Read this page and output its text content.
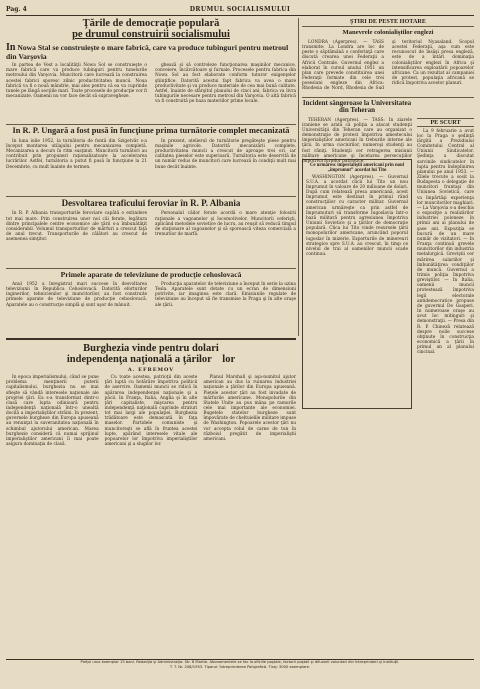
Pag. 4	DRUMUL SOCIALISMULUI
Ţările de democraţie populară
pe drumul construirii socialismului
In Nowa Stal se construieşte o mare fabrică, care va produce tubinguri pentru metroul din Varşovia

In partea de Vest a localităţii Nowa Sol se construieşte o mare fabrică care va produce tubinguri pentru tunelurile metroului din Varşovia. Muncitorii care lucrează la construirea acestei fabrici sporesc zilnic productivitatea muncii. Noua fabrică va fi o nouă mândrie, mai ales pentru că ea va cuprinde tunele pe lângă secţiile mari. Toate procesele de producţie vor fi mecanizate. Oamenii nu vor face decât să supravegheze.

ghează şi să controleze funcţionarea maşinilor mecanice, conveiere, încărcătoare şi furnale. Procesele pentru fabrica din Nowa Sol au fost elaborate conform tuturor exigenţelor ştiinţifice. Datorită acestui fapt fabrica va avea o mare productivitate şi va produce materiale de cea mai bună calitate. Astfel, înainte de sfârşitul planului de cinci ani, fabrica va livra tubingurile necesare pentru metroul din Varşovia. O altă fabrică va fi construită pe baza materiilor prime locale.

In R. P. Ungară a fost pusă în funcţiune prima turnătorie complet mecanizată

In luna iulie 1952, la turnătoria de fontă din Szigetvăr s-a început montarea utilajului pentru mecanizarea completă. Mecanizarea a decurs în ritm susţinut. Muncitorii turnători au contribuit prin propuneri raţionalizatoare la accelerarea lucrărilor. Astfel, turnătoria a putut fi pusă în funcţiune la 21 Decembrie, cu mult înainte de termen.

In prezent, atelierul de turnătorie pregăteşte piese pentru maşinile agricole. Datorită mecanizării complete, productivitatea muncii a crescut de aproape trei ori, iar calitatea pieselor este superioară. Turnătoria este deservită de un număr redus de muncitori care lucrează în condiţii mult mai bune decât înainte.

Desvoltarea traficului feroviar în R. P. Albania

In R. P. Albania transporturile feroviare capătă o extindere tot mai mare. Prin construirea unor noi căi ferate, legătura dintre principalele centre economice ale ţării s-a îmbunătăţit considerabil. Volumul transporturilor de mărfuri a crescut faţă de anul trecut. Transporturile de călători au crescut de asemenea simţitor.

Personalul căilor ferate acordă o mare atenţie folosirii raţionale a vagoanelor şi locomotivelor. Muncitorii ceferişti, aplicând metodele sovietice de lucru, au reuşit să reducă timpul de staţionare al vagoanelor şi să sporească viteza comercială a trenurilor de marfă.

Primele aparate de televiziune de producţie cehoslovacă

Anul 1952 a înregistrat mari succese în desvoltarea televiziunii în Republica Cehoslovacă. Datorită eforturilor inginerilor, tehnicienilor şi muncitorilor, au fost construite primele aparate de televiziune de producţie cehoslovacă. Aparatele au o construcţie simplă şi sunt uşor de mânuit.

Producţia aparatelor de televiziune a început în serie la uzina Tesla. Aparatele sunt dotate cu un ecran de dimensiuni potrivite, iar imaginea este clară. Emisiunile regulate de televiziune au început să fie transmise la Praga şi în alte oraşe ale ţării.

ŞTIRI DE PESTE HOTARE
Manevrele colonialiştilor englezi

LONDRA (Agerpres). — TASS transmite: La Londra are loc de peste o săptămână o conferinţă care discută crearea unei Federaţii a Africii Centrale. Guvernul englez a elaborat în cursul anului 1951 un plan care prevede constituirea unei Federaţii formate din cele trei posesiuni engleze din Africa: Rhodesia de Nord, Rhodesia de Sud şi teritoriul Nyasaland. Scopul acestei Federaţii, aşa cum este recunoscut de însăşi presa engleză, este de a întări dominaţia colonialiştilor englezi în Africa şi intensificarea exploatării popoarelor africane. Ca un rezultat al campaniei de protest, populaţia africană se ridică împotriva acestor planuri.

Incident sângeroase la Universitatea din Teheran

TEHERAN (Agerpres). — TASS: In ziarele iraniene se arată că poliţia a atacat studenţii Universităţii din Teheran care au organizat o demonstraţie de protest împotriva amestecului imperialiştilor americani în treburile interne ale ţării. In urma ciocnirilor, numeroşi studenţi au fost răniţi. Studenţii cer retragerea misiunii militare americane şi încetarea persecuţiilor împotriva forţelor patriotice.

Ce urmăresc imperialiştii americani prin noul „împrumut” acordat lui Tito

WASHINGTON (Agerpres). — Guvernul S.U.A. a acordat clicii lui Tito un nou împrumut în valoare de 20 milioane de dolari. După cum relatează presa americană, acest împrumut este destinat în primul rând construcţiilor cu caracter militar. Guvernul american urmăreşte ca prin astfel de împrumuturi să transforme Iugoslavia într-o bază militară pentru agresiunea împotriva Uniunii Sovietice şi a ţărilor de democraţie populară. Clica lui Tito vinde resursele ţării monopolurilor americane, aruncând poporul iugoslav în mizerie. Exporturile de minereuri strategice spre S.U.A. au crescut, în timp ce nivelul de trai al oamenilor muncii scade continuu.

PE SCURT

La 9 februarie a avut loc la Praga o şedinţă lărgită a Prezidiului Comitetului Central al Uniunii Sindicatelor. Şedinţa a discutat sarcinile sindicatelor în lupta pentru îndeplinirea planului pe anul 1953. — Zilele trecute a sosit la Budapesta o delegaţie de muncitori fruntaşi din Uniunea Sovietică, care va împărtăşi experienţa lor muncitorilor maghiari. — La Varşovia s-a deschis o expoziţie a realizărilor industriei poloneze în primii ani ai planului de şase ani. Expoziţia se bucură de un mare număr de vizitatori. — In Franţa continuă grevele muncitorilor din industria metalurgică. Greviştii cer mărirea salariilor şi îmbunătăţirea condiţiilor de muncă. Guvernul a trimis poliţia împotriva greviştilor. — In Italia, oamenii muncii protestează împotriva legii electorale antidemocratice propuse de guvernul De Gasperi. In numeroase oraşe au avut loc mitinguri şi demonstraţii. — Presa din R. P. Chineză relatează despre noile succese obţinute în construcţia economică a ţării în primul an al planului cincinal.

Burghezia vinde pentru dolari
independenţa naţională a ţărilor lor
A. EFREMOV

In epoca imperialismului, când se pune problema menţinerii puterii capitalismului, burghezia nu se mai sfieşte să vândă interesele naţionale ale propriei ţări. Ea s-a transformat dintr-o clasă care lupta odinioară pentru independenţă naţională într-o unealtă docilă a imperialiştilor străini. In prezent, guvernele burgheze din Europa apuseană au renunţat la suveranitatea naţională în schimbul ajutorului american. Marea burghezie consideră că numai sprijinul imperialiştilor americani îi mai poate asigura dominaţia de clasă.

Cu toate acestea, patrioţii din aceste ţări luptă cu hotărâre împotriva politicii de aservire. Oamenii muncii se ridică în apărarea independenţei naţionale şi a păcii. In Franţa, Italia, Anglia şi în alte ţări capitaliste, mişcarea pentru independenţă naţională cuprinde straturi tot mai largi ale populaţiei. Burghezia trădătoare este demascată în faţa maselor. Partidele comuniste şi muncitoreşti se află în fruntea acestei lupte, apărând interesele vitale ale popoarelor lor împotriva imperialiştilor americani şi a slugilor lor.

Planul Marshall şi aşa-numitul ajutor american au dus la ruinarea industriei naţionale a ţărilor din Europa apuseană. Pieţele acestor ţări au fost invadate de mărfurile americane. Monopolurile din Statele Unite au pus mâna pe ramurile cele mai importante ale economiei. Bugetele statelor burgheze sunt împovărate de cheltuielile militare impuse de Washington. Popoarele acestor ţări nu vor accepta rolul de carne de tun în războiul pregătit de imperialiştii americani.

Preţul unui exemplar 15 bani. Redacţia şi Administraţia: Str. 8 Martie. Abonamentele se fac la oficiile poştale, factorii poştali şi difuzorii voluntari din întreprinderi şi instituţii.
T. T. Nr. 208/1953. Tiparul: Întreprinderea Poligrafică. Tiraj: 3000 exemplare.
